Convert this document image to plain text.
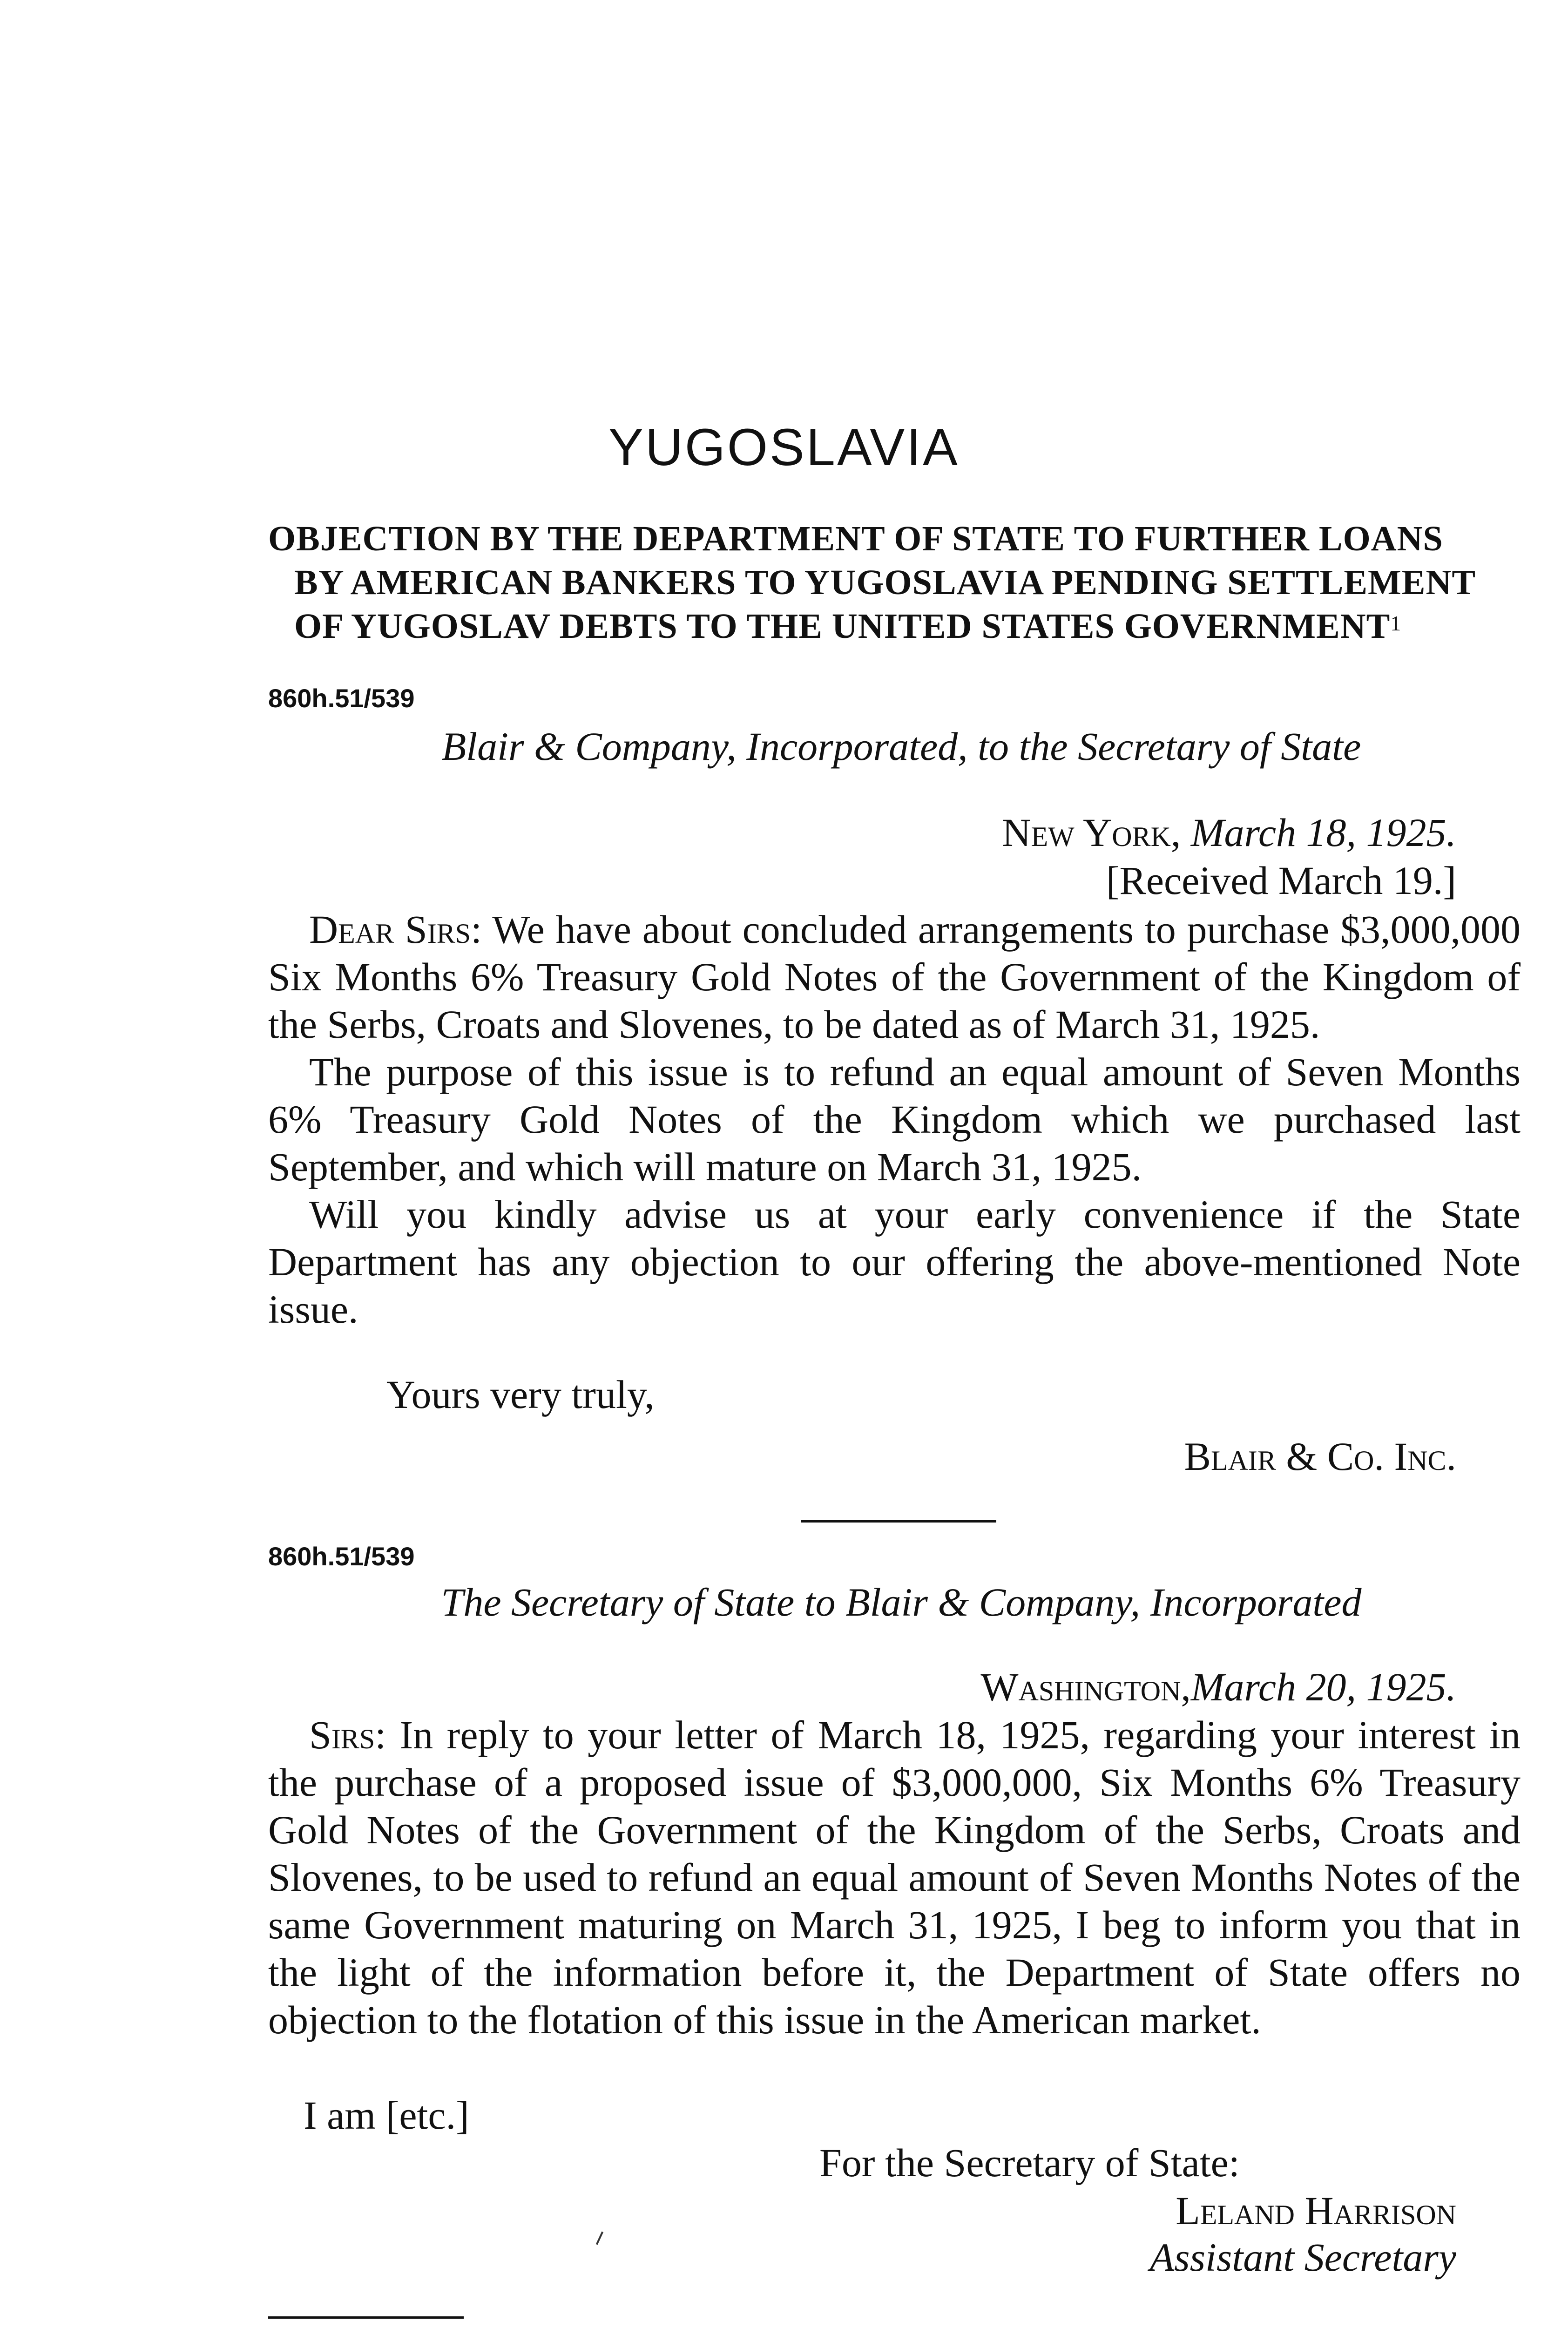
YUGOSLAVIA
OBJECTION BY THE DEPARTMENT OF STATE TO FURTHER LOANS
BY AMERICAN BANKERS TO YUGOSLAVIA PENDING SETTLEMENT
OF YUGOSLAV DEBTS TO THE UNITED STATES GOVERNMENT$^1$
860h.51/539
Blair & Company, Incorporated, to the Secretary of State
New York, March 18, 1925.
[Received March 19.]

Dear Sirs: We have about concluded arrangements to purchase $3,000,000 Six Months 6% Treasury Gold Notes of the Government of the Kingdom of the Serbs, Croats and Slovenes, to be dated as of March 31, 1925.

The purpose of this issue is to refund an equal amount of Seven Months 6% Treasury Gold Notes of the Kingdom which we purchased last September, and which will mature on March 31, 1925.

Will you kindly advise us at your early convenience if the State Department has any objection to our offering the above-mentioned Note issue.

Yours very truly,
Blair & Co. Inc.
860h.51/539
The Secretary of State to Blair & Company, Incorporated
Washington,March 20, 1925.

Sirs: In reply to your letter of March 18, 1925, regarding your interest in the purchase of a proposed issue of $3,000,000, Six Months 6% Treasury Gold Notes of the Government of the Kingdom of the Serbs, Croats and Slovenes, to be used to refund an equal amount of Seven Months Notes of the same Government maturing on March 31, 1925, I beg to inform you that in the light of the information before it, the Department of State offers no objection to the flotation of this issue in the American market.

I am [etc.]
For the Secretary of State:
Leland Harrison
Assistant Secretary
